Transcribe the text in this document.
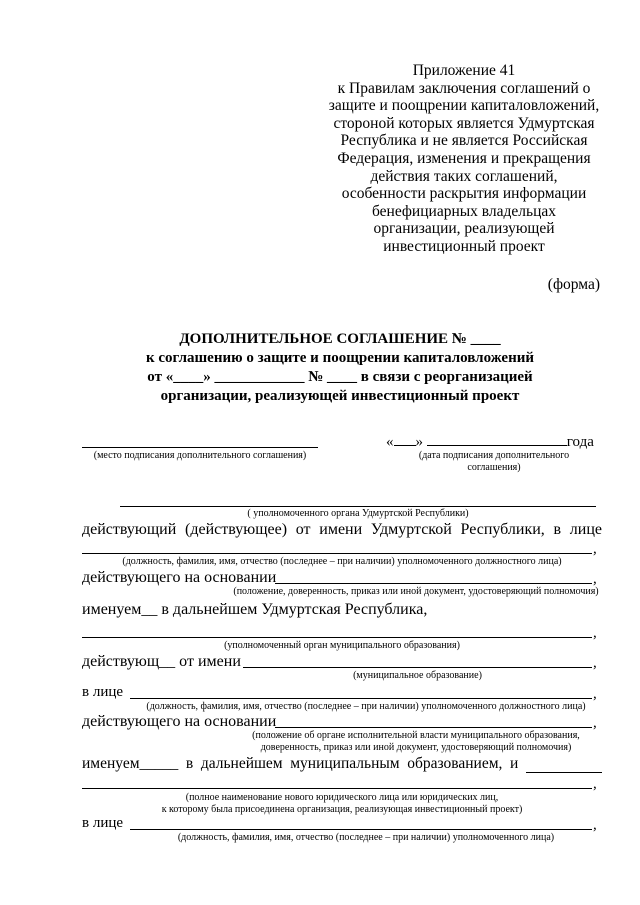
Приложение 41
к Правилам заключения соглашений о
защите и поощрении капиталовложений,
стороной которых является Удмуртская
Республика и не является Российская
Федерация, изменения и прекращения
действия таких соглашений,
особенности раскрытия информации
бенефициарных владельцах
организации, реализующей
инвестиционный проект
(форма)
ДОПОЛНИТЕЛЬНОЕ СОГЛАШЕНИЕ № ____
к соглашению о защите и поощрении капиталовложений
от «____» ____________ № ____ в связи с реорганизацией
организации, реализующей инвестиционный проект
(место подписания дополнительного соглашения)
« »	года
(дата подписания дополнительного
соглашения)
( уполномоченного органа Удмуртской Республики)
действующий (действующее) от имени Удмуртской Республики, в лице
,
(должность, фамилия, имя, отчество (последнее – при наличии) уполномоченного должностного лица)
действующего на основании	,
(положение, доверенность, приказ или иной документ, удостоверяющий полномочия)
именуем__ в дальнейшем Удмуртская Республика,
,
(уполномоченный орган муниципального образования)
действующ__ от имени	,
(муниципальное образование)
в лице	,
(должность, фамилия, имя, отчество (последнее – при наличии) уполномоченного должностного лица)
действующего на основании	,
(положение об органе исполнительной власти муниципального образования,
доверенность, приказ или иной документ, удостоверяющий полномочия)
именуем_____ в дальнейшем муниципальным образованием, и
,
(полное наименование нового юридического лица или юридических лиц,
к которому была присоединена организация, реализующая инвестиционный проект)
в лице	,
(должность, фамилия, имя, отчество (последнее – при наличии) уполномоченного лица)
